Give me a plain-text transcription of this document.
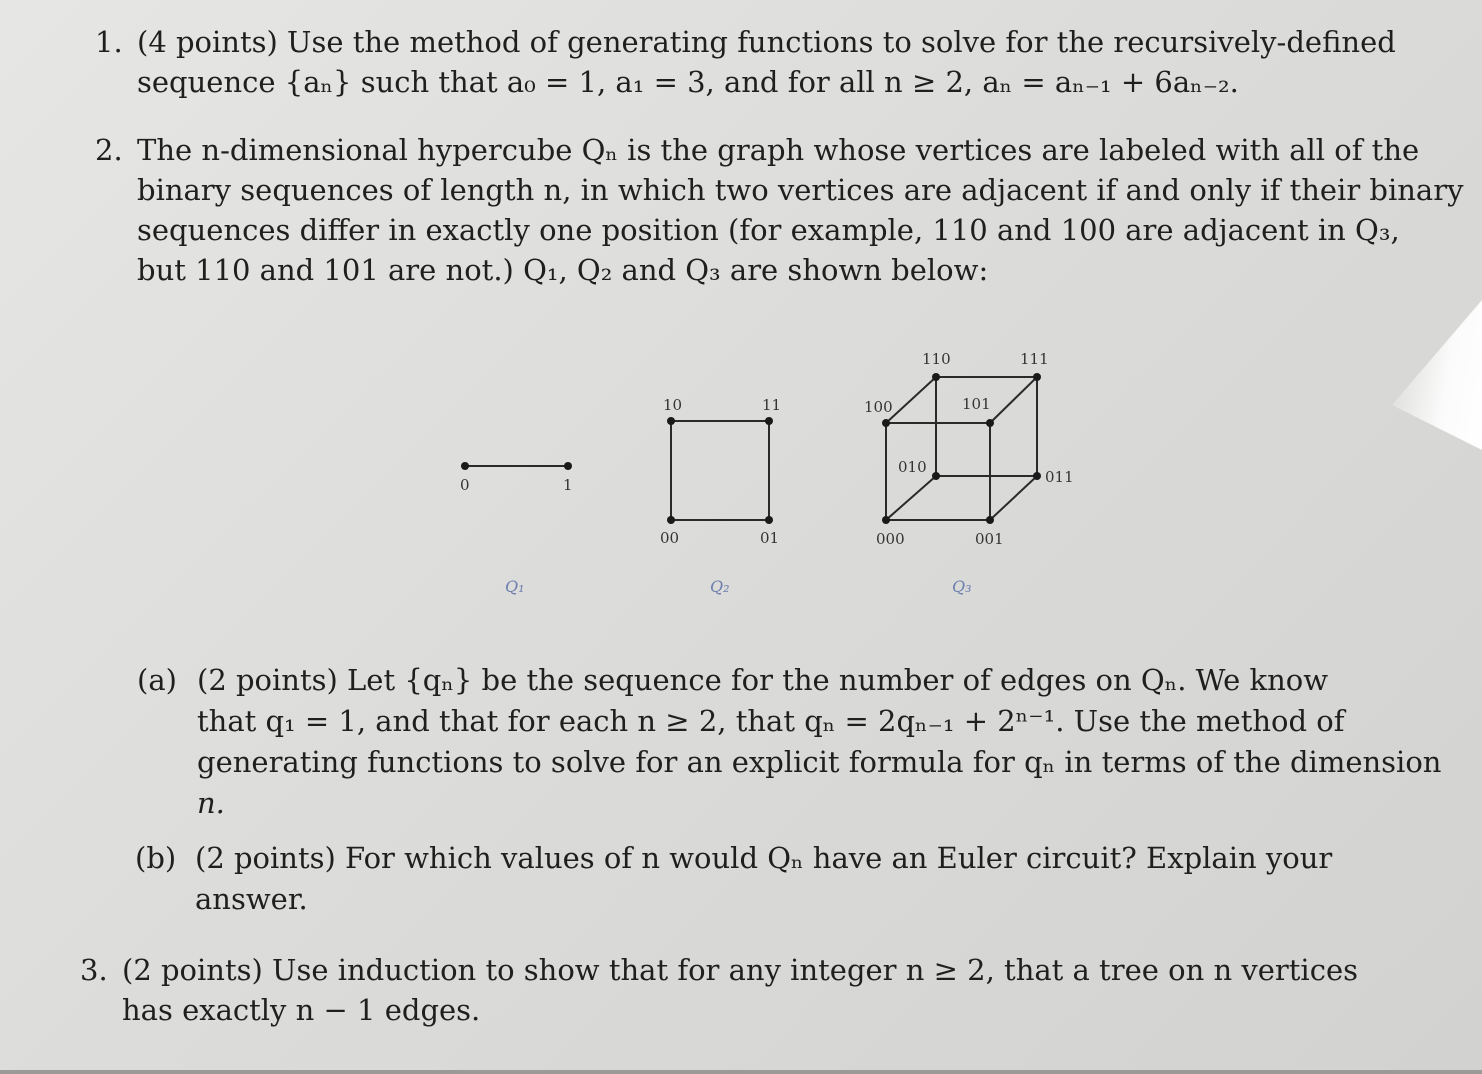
1. (4 points) Use the method of generating functions to solve for the recursively-defined
sequence {aₙ} such that a₀ = 1, a₁ = 3, and for all n ≥ 2, aₙ = aₙ₋₁ + 6aₙ₋₂.
2. The n-dimensional hypercube Qₙ is the graph whose vertices are labeled with all of the
binary sequences of length n, in which two vertices are adjacent if and only if their binary
sequences differ in exactly one position (for example, 110 and 100 are adjacent in Q₃,
but 110 and 101 are not.) Q₁, Q₂ and Q₃ are shown below:
0	1
Q₁
10	11
00	01
Q₂
110	111
100	101
010
011
000	001
Q₃
(a) (2 points) Let {qₙ} be the sequence for the number of edges on Qₙ. We know
that q₁ = 1, and that for each n ≥ 2, that qₙ = 2qₙ₋₁ + 2ⁿ⁻¹. Use the method of
generating functions to solve for an explicit formula for qₙ in terms of the dimension
n.
(b) (2 points) For which values of n would Qₙ have an Euler circuit? Explain your
answer.
3. (2 points) Use induction to show that for any integer n ≥ 2, that a tree on n vertices
has exactly n − 1 edges.
